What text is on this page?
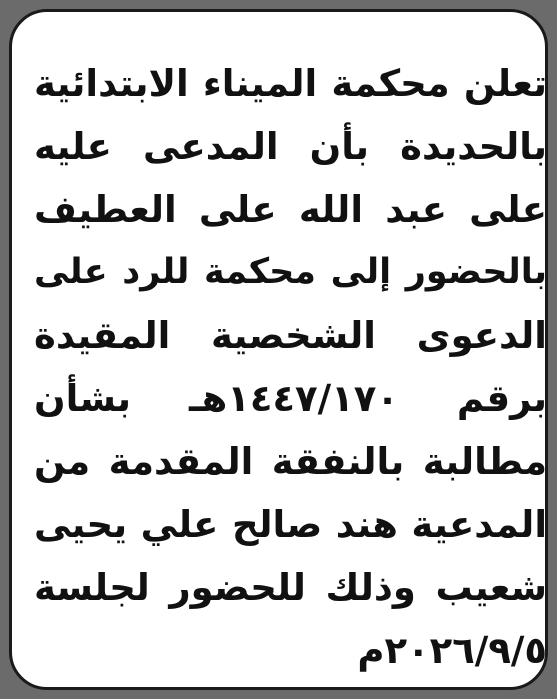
تعلن محكمة الميناء الابتدائية
بالحديدة بأن المدعى عليه
على عبد الله على العطيف
بالحضور إلى محكمة للرد على
الدعوى الشخصية المقيدة
برقم ١٤٤٧/١٧٠هـ بشأن
مطالبة بالنفقة المقدمة من
المدعية هند صالح علي يحيى
شعيب وذلك للحضور لجلسة
٢٠٢٦/٩/٥م
